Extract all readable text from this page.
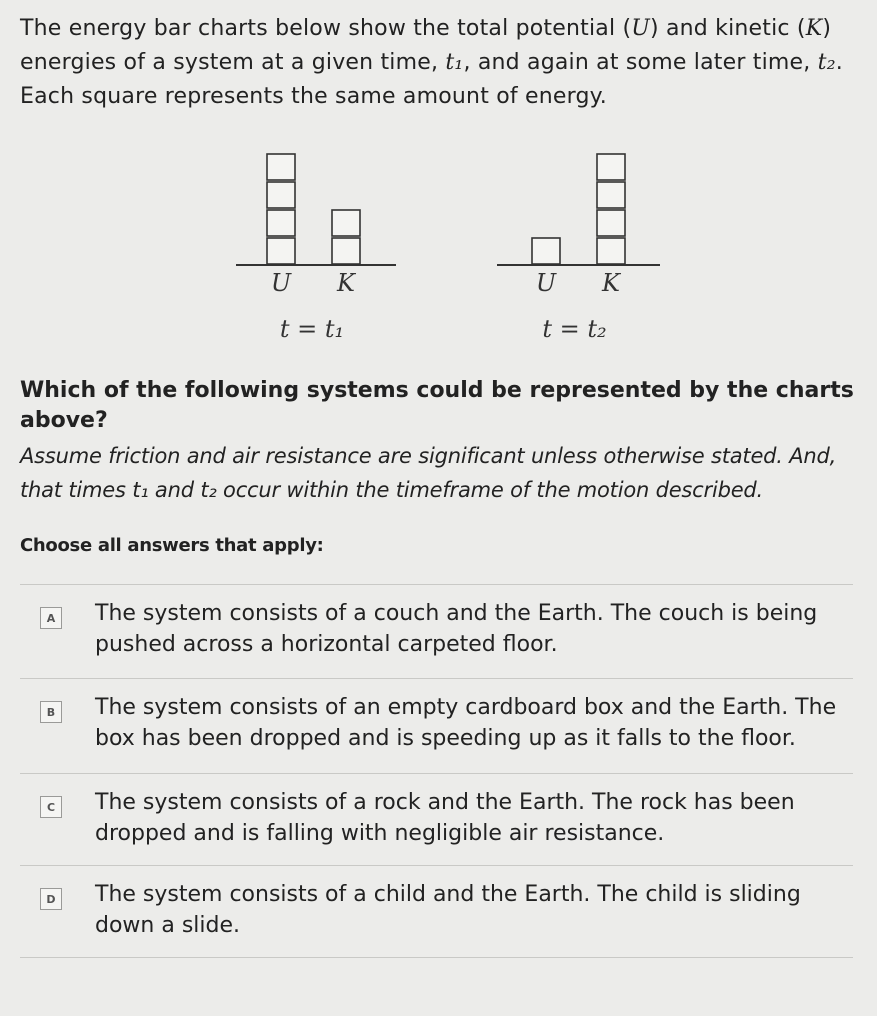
The energy bar charts below show the total potential (U) and kinetic (K)
energies of a system at a given time, t₁, and again at some later time, t₂.
Each square represents the same amount of energy.
U K
t = t₁
U K
t = t₂
Which of the following systems could be represented by the charts above?
Assume friction and air resistance are significant unless otherwise stated. And, that times t₁ and t₂ occur within the timeframe of the motion described.
Choose all answers that apply:
A	The system consists of a couch and the Earth. The couch is being pushed across a horizontal carpeted floor.
B	The system consists of an empty cardboard box and the Earth. The box has been dropped and is speeding up as it falls to the floor.
C	The system consists of a rock and the Earth. The rock has been dropped and is falling with negligible air resistance.
D The system consists of a child and the Earth. The child is sliding down a slide.
